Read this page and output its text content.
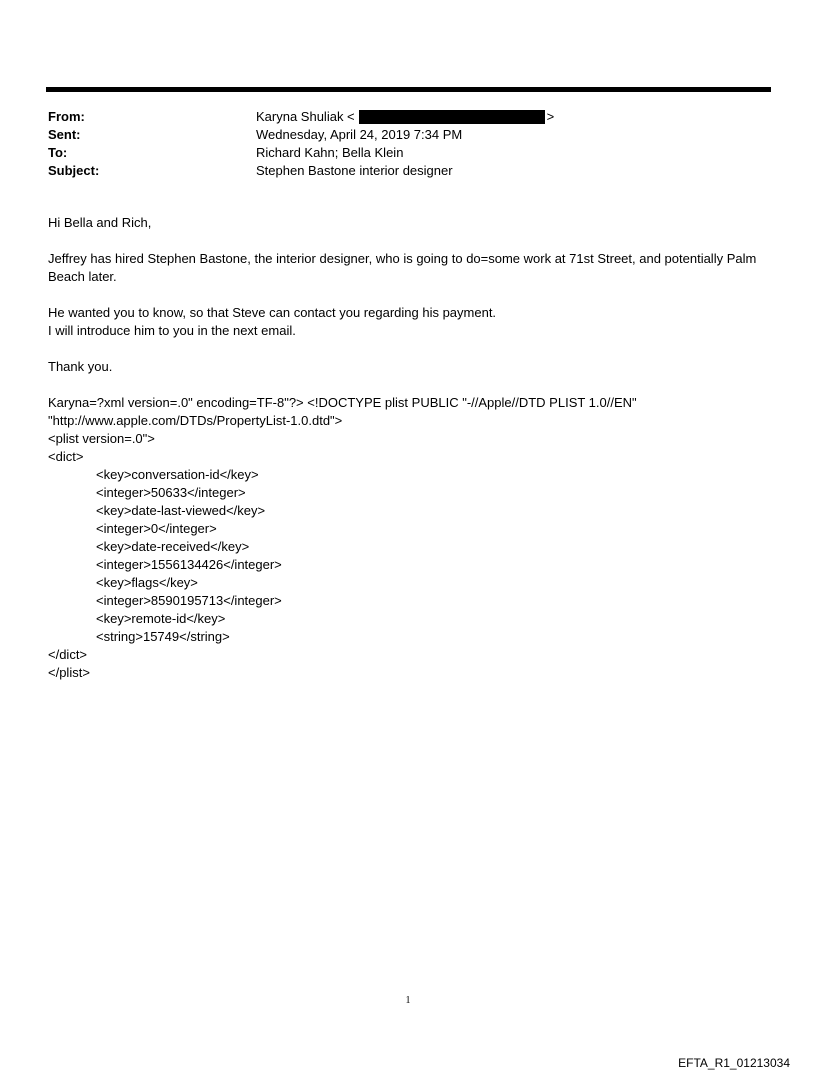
From:	Karyna Shuliak <	>
Sent:	Wednesday, April 24, 2019 7:34 PM
To:	Richard Kahn; Bella Klein
Subject:	Stephen Bastone interior designer

Hi Bella and Rich,

Jeffrey has hired Stephen Bastone, the interior designer, who is going to do=some work at 71st Street, and potentially Palm Beach later.

He wanted you to know, so that Steve can contact you regarding his payment.

I will introduce him to you in the next email.

Thank you.

Karyna=?xml version=.0" encoding=TF-8"?> <!DOCTYPE plist PUBLIC "-//Apple//DTD PLIST 1.0//EN"

"http://www.apple.com/DTDs/PropertyList-1.0.dtd">

<plist version=.0">

<dict>

<key>conversation-id</key>

<integer>50633</integer>

<key>date-last-viewed</key>

<integer>0</integer>

<key>date-received</key>

<integer>1556134426</integer>

<key>flags</key>

<integer>8590195713</integer>

<key>remote-id</key>

<string>15749</string>

</dict>

</plist>

1
EFTA_R1_01213034
